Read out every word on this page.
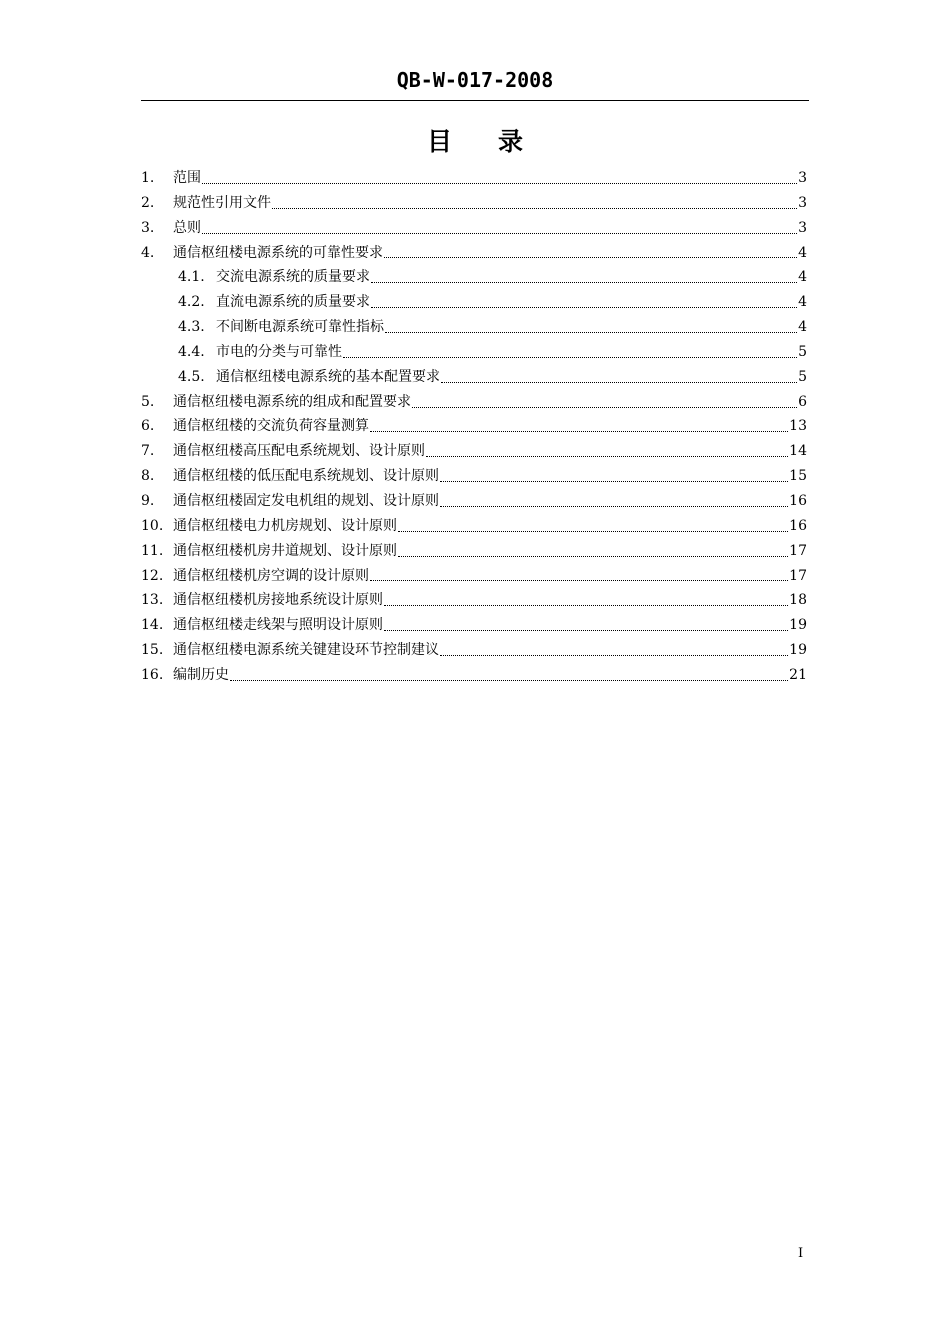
QB-W-017-2008
目 录
1.	范围	3
2.	规范性引用文件	3
3.	总则	3
4.	通信枢纽楼电源系统的可靠性要求	4
4.1. 交流电源系统的质量要求	4
4.2. 直流电源系统的质量要求	4
4.3. 不间断电源系统可靠性指标	4
4.4. 市电的分类与可靠性	5
4.5. 通信枢纽楼电源系统的基本配置要求	5
5.	通信枢纽楼电源系统的组成和配置要求	6
6.	通信枢纽楼的交流负荷容量测算	13
7.	通信枢纽楼高压配电系统规划、设计原则	14
8.	通信枢纽楼的低压配电系统规划、设计原则	15
9.	通信枢纽楼固定发电机组的规划、设计原则	16
10. 通信枢纽楼电力机房规划、设计原则	16
11. 通信枢纽楼机房井道规划、设计原则	17
12. 通信枢纽楼机房空调的设计原则	17
13. 通信枢纽楼机房接地系统设计原则	18
14. 通信枢纽楼走线架与照明设计原则	19
15. 通信枢纽楼电源系统关键建设环节控制建议	19
16. 编制历史	21
I
